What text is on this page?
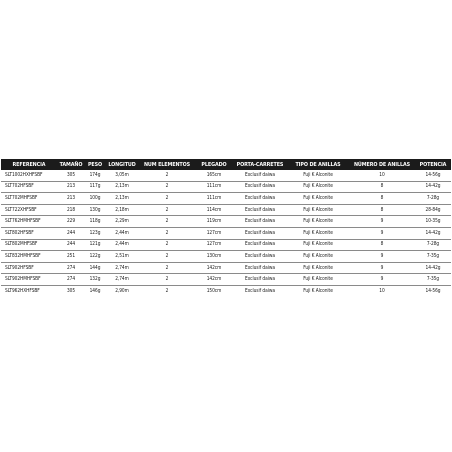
REFERENCIA	TAMAÑO	PESO	LONGITUD	NUM ELEMENTOS	PLEGADO	PORTA-CARRETES	TIPO DE ANILLAS	NÚMERO DE ANILLAS	POTENCIA
SLT1002HXHFSBF	305	174g	3,05m	2	165cm	Exclusif daiwa	Fuji K Alconite	10	14-56g
SLT702HFSBF	213	117g	2,13m	2	111cm	Exclusif daiwa	Fuji K Alconite	8	14-42g
SLT702MHFSBF	213	100g	2,13m	2	111cm	Exclusif daiwa	Fuji K Alconite	8	7-28g
SLT722XHFSBF	218	130g	2,18m	2	114cm	Exclusif daiwa	Fuji K Alconite	8	28-84g
SLT762HMHFSBF	229	118g	2,29m	2	119cm	Exclusif daiwa	Fuji K Alconite	9	10-35g
SLT802HFSBF	244	123g	2,44m	2	127cm	Exclusif daiwa	Fuji K Alconite	9	14-42g
SLT802MHFSBF	244	121g	2,44m	2	127cm	Exclusif daiwa	Fuji K Alconite	8	7-28g
SLT832HMHFSBF	251	122g	2,51m	2	130cm	Exclusif daiwa	Fuji K Alconite	9	7-35g
SLT902HFSBF	274	144g	2,74m	2	142cm	Exclusif daiwa	Fuji K Alconite	9	14-42g
SLT902HMHFSBF	274	132g	2,74m	2	142cm	Exclusif daiwa	Fuji K Alconite	9	7-35g
SLT962HXHFSBF	305	146g	2,90m	2	150cm	Exclusif daiwa	Fuji K Alconite	10	14-56g
